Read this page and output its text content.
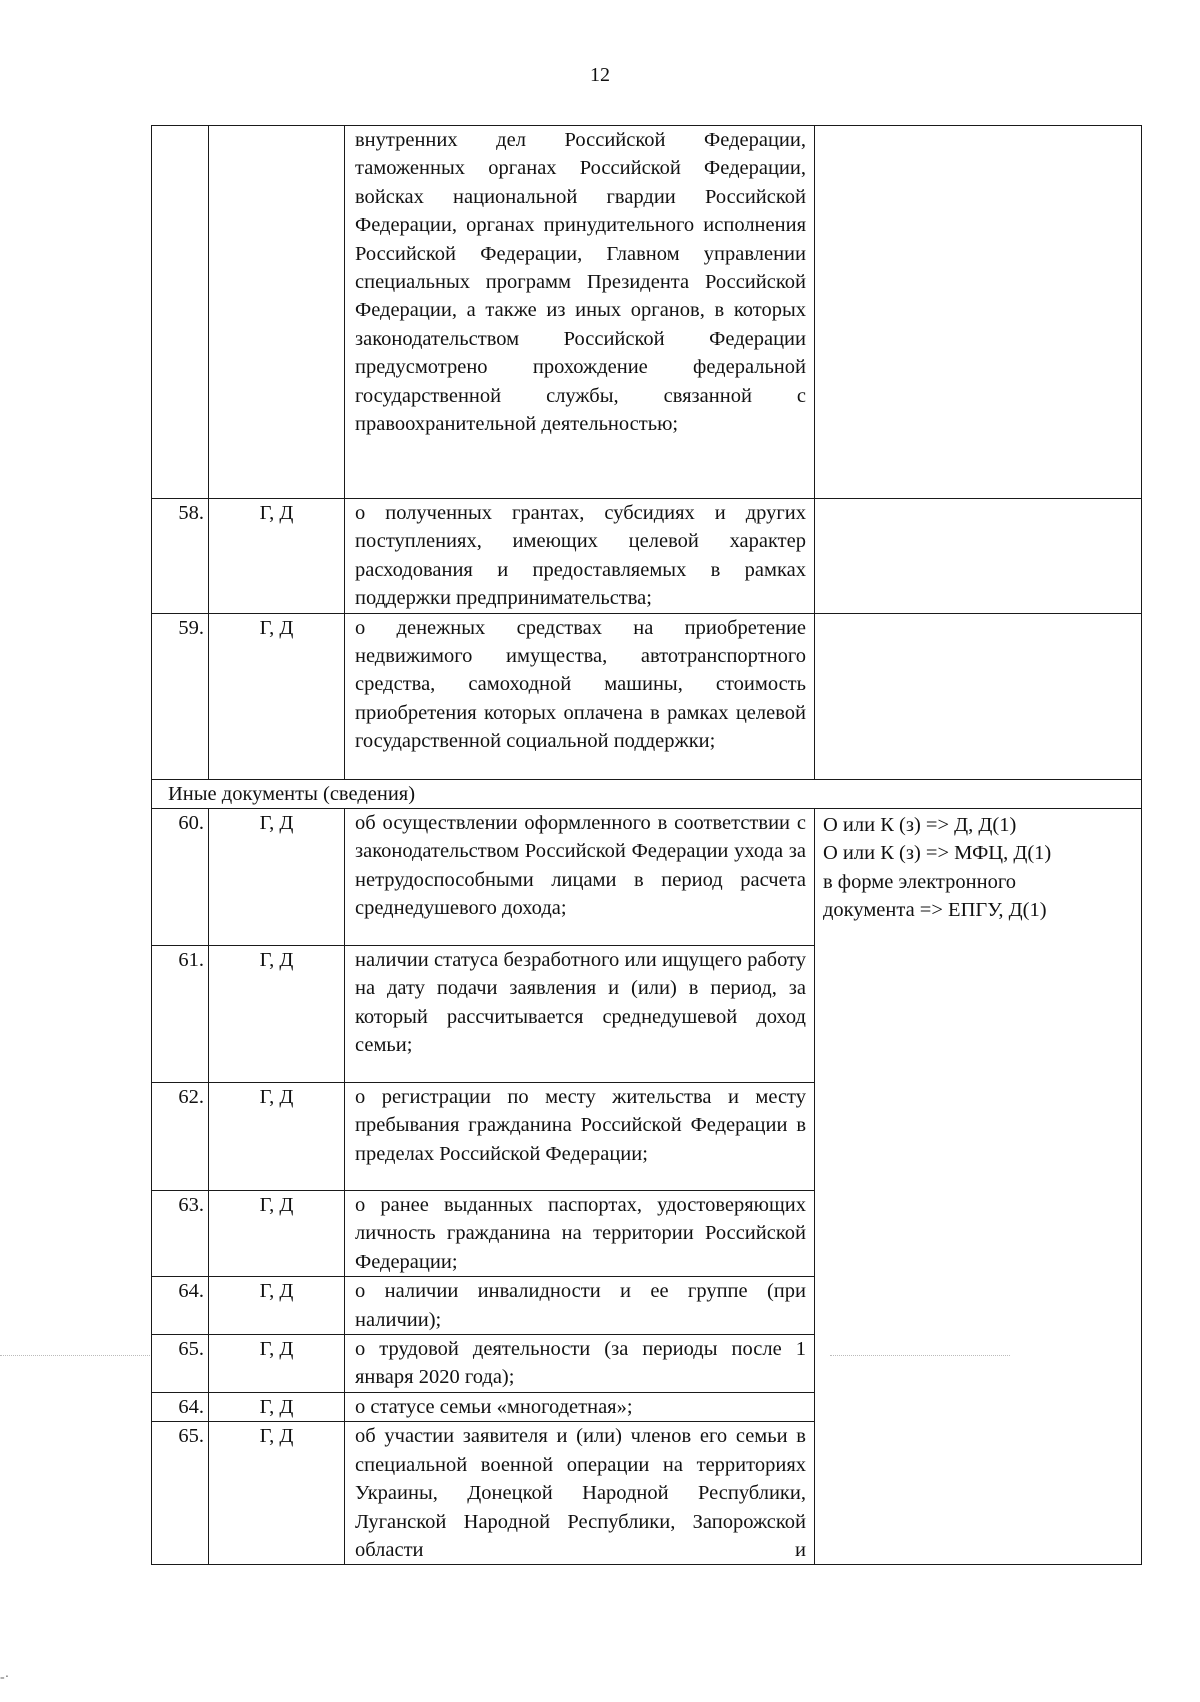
12
		внутренних дел Российской Федерации, таможенных органах Российской Федерации, войсках национальной гвардии Российской Федерации, органах принудительного исполнения Российской Федерации, Главном управлении специальных программ Президента Российской Федерации, а также из иных органов, в которых законодательством Российской Федерации предусмотрено прохождение федеральной государственной службы, связанной с правоохранительной деятельностью;	
58.	Г, Д	о полученных грантах, субсидиях и других поступлениях, имеющих целевой характер расходования и предоставляемых в рамках поддержки предпринимательства;	
59.	Г, Д	о денежных средствах на приобретение недвижимого имущества, автотранспортного средства, самоходной машины, стоимость приобретения которых оплачена в рамках целевой государственной социальной поддержки;	
Иные документы (сведения)			
60.	Г, Д	об осуществлении оформленного в соответствии с законодательством Российской Федерации ухода за нетрудоспособными лицами в период расчета среднедушевого дохода;	О или К (з) => Д, Д(1)
О или К (з) => МФЦ, Д(1)
в форме электронного
документа => ЕПГУ, Д(1)

61.	Г, Д	наличии статуса безработного или ищущего работу на дату подачи заявления и (или) в период, за который рассчитывается среднедушевой доход семьи;	
62.	Г, Д	о регистрации по месту жительства и месту пребывания гражданина Российской Федерации в пределах Российской Федерации;	
63.	Г, Д	о ранее выданных паспортах, удостоверяющих личность гражданина на территории Российской Федерации;	
64.	Г, Д	о наличии инвалидности и ее группе (при наличии);	
65.	Г, Д	о трудовой деятельности (за периоды после 1 января 2020 года);	
64.	Г, Д	о статусе семьи «многодетная»;	
65.	Г, Д	об участии заявителя и (или) членов его семьи в специальной военной операции на территориях Украины, Донецкой Народной Республики, Луганской Народной Республики, Запорожской области и	
-·
